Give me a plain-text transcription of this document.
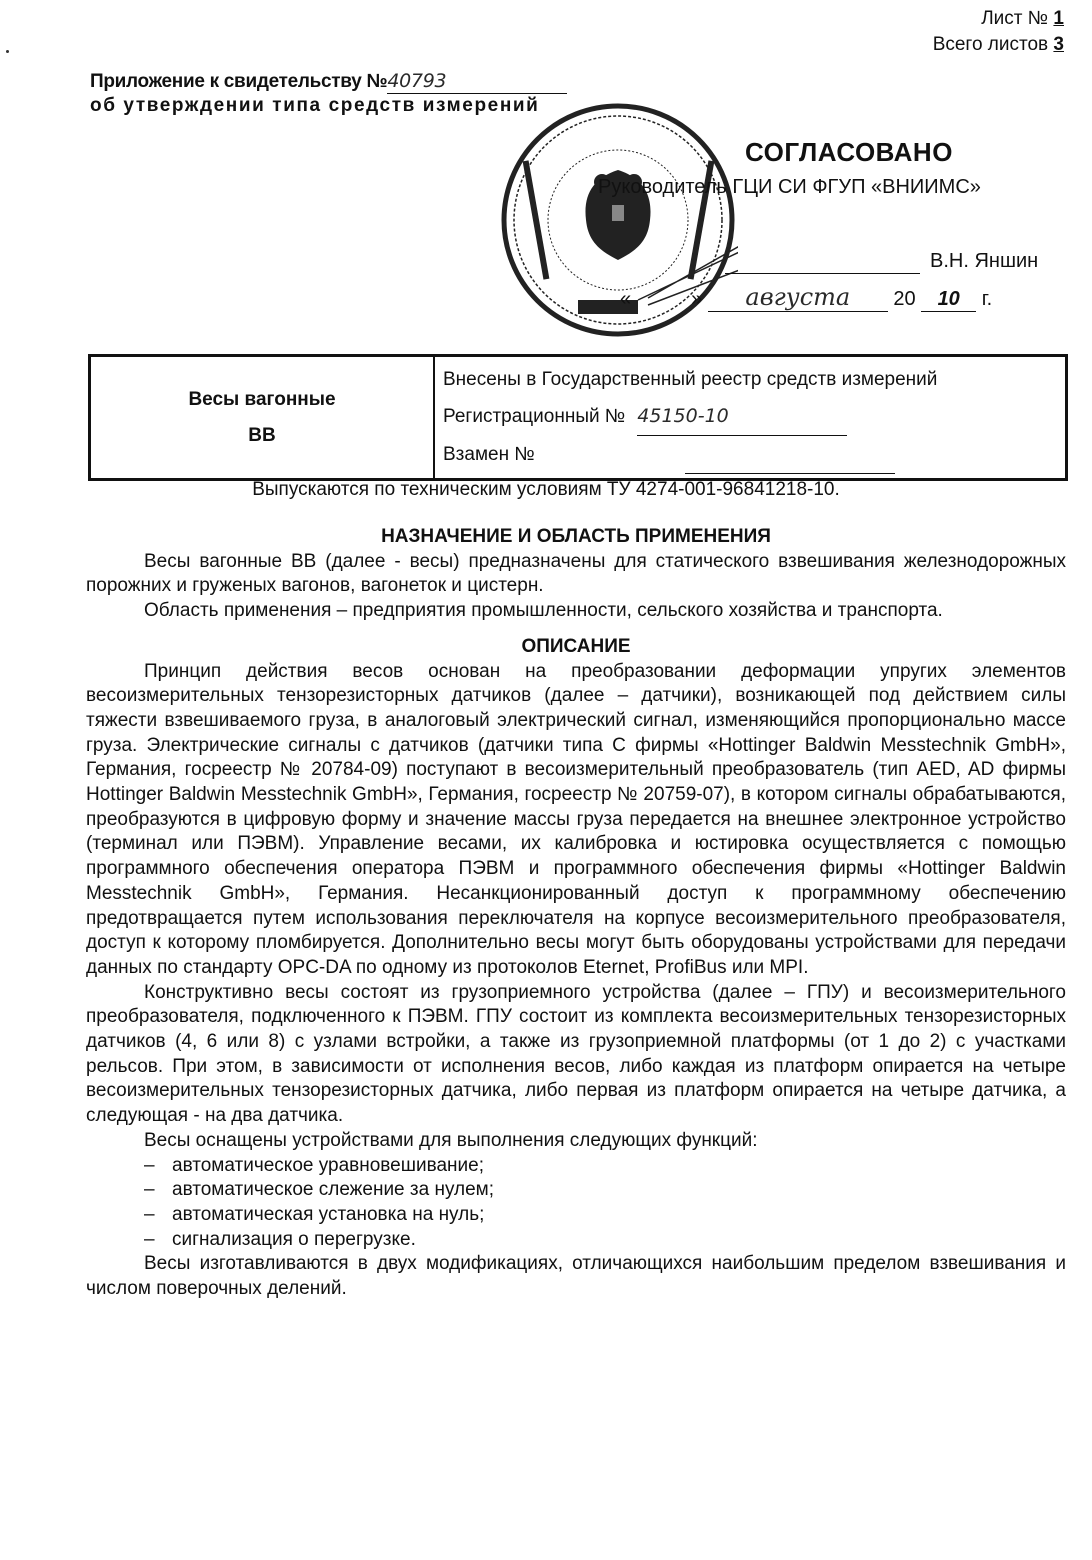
Лист № 1
Всего листов 3
Приложение к свидетельству №40793
об утверждении типа средств измерений
СОГЛАСОВАНО
Руководитель ГЦИ СИ ФГУП «ВНИИМС»
В.Н. Яншин
«	» августа 20 10 г.
Весы вагонные
ВВ

Внесены в Государственный реестр средств измерений
Регистрационный № 45150-10
Взамен №
Выпускаются по техническим условиям ТУ 4274-001-96841218-10.

НАЗНАЧЕНИЕ И ОБЛАСТЬ ПРИМЕНЕНИЯ

Весы вагонные ВВ (далее - весы) предназначены для статического взвешивания железнодорожных порожних и груженых вагонов, вагонеток и цистерн.

Область применения – предприятия промышленности, сельского хозяйства и транспорта.

ОПИСАНИЕ

Принцип действия весов основан на преобразовании деформации упругих элементов весоизмерительных тензорезисторных датчиков (далее – датчики), возникающей под действием силы тяжести взвешиваемого груза, в аналоговый электрический сигнал, изменяющийся пропорционально массе груза. Электрические сигналы с датчиков (датчики типа С фирмы «Hottinger Baldwin Messtechnik GmbH», Германия, госреестр № 20784-09) поступают в весоизмерительный преобразователь (тип AED, AD фирмы Hottinger Baldwin Messtechnik GmbH», Германия, госреестр № 20759-07), в котором сигналы обрабатываются, преобразуются в цифровую форму и значение массы груза передается на внешнее электронное устройство (терминал или ПЭВМ). Управление весами, их калибровка и юстировка осуществляется с помощью программного обеспечения оператора ПЭВМ и программного обеспечения фирмы «Hottinger Baldwin Messtechnik GmbH», Германия. Несанкционированный доступ к программному обеспечению предотвращается путем использования переключателя на корпусе весоизмерительного преобразователя, доступ к которому пломбируется. Дополнительно весы могут быть оборудованы устройствами для передачи данных по стандарту OPC-DA по одному из протоколов Eternet, ProfiBus или MPI.

Конструктивно весы состоят из грузоприемного устройства (далее – ГПУ) и весоизмерительного преобразователя, подключенного к ПЭВМ. ГПУ состоит из комплекта весоизмерительных тензорезисторных датчиков (4, 6 или 8) с узлами встройки, а также из грузоприемной платформы (от 1 до 2) с участками рельсов. При этом, в зависимости от исполнения весов, либо каждая из платформ опирается на четыре весоизмерительных тензорезисторных датчика, либо первая из платформ опирается на четыре датчика, а следующая - на два датчика.

Весы оснащены устройствами для выполнения следующих функций:

– автоматическое уравновешивание;

– автоматическое слежение за нулем;

– автоматическая установка на нуль;

– сигнализация о перегрузке.

Весы изготавливаются в двух модификациях, отличающихся наибольшим пределом взвешивания и числом поверочных делений.
